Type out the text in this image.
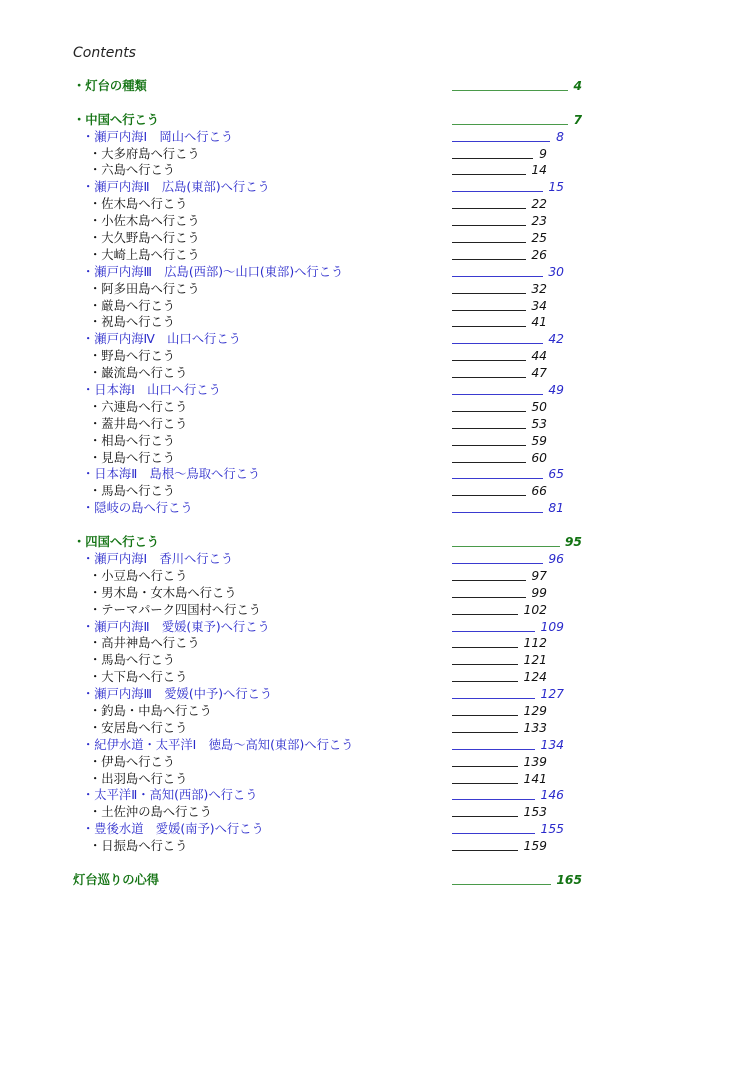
Contents
・灯台の種類	4
・中国へ行こう	7
・瀬戸内海Ⅰ　岡山へ行こう	8
・大多府島へ行こう	9
・六島へ行こう	14
・瀬戸内海Ⅱ　広島(東部)へ行こう	15
・佐木島へ行こう	22
・小佐木島へ行こう	23
・大久野島へ行こう	25
・大崎上島へ行こう	26
・瀬戸内海Ⅲ　広島(西部)～山口(東部)へ行こう	30
・阿多田島へ行こう	32
・厳島へ行こう	34
・祝島へ行こう	41
・瀬戸内海Ⅳ　山口へ行こう	42
・野島へ行こう	44
・巌流島へ行こう	47
・日本海Ⅰ　山口へ行こう	49
・六連島へ行こう	50
・蓋井島へ行こう	53
・相島へ行こう	59
・見島へ行こう	60
・日本海Ⅱ　島根～鳥取へ行こう	65
・馬島へ行こう	66
・隠岐の島へ行こう	81
・四国へ行こう	95
・瀬戸内海Ⅰ　香川へ行こう	96
・小豆島へ行こう	97
・男木島・女木島へ行こう	99
・テーマパーク四国村へ行こう	102
・瀬戸内海Ⅱ　愛媛(東予)へ行こう	109
・高井神島へ行こう	112
・馬島へ行こう	121
・大下島へ行こう	124
・瀬戸内海Ⅲ　愛媛(中予)へ行こう	127
・釣島・中島へ行こう	129
・安居島へ行こう	133
・紀伊水道・太平洋Ⅰ　徳島～高知(東部)へ行こう	134
・伊島へ行こう	139
・出羽島へ行こう	141
・太平洋Ⅱ・高知(西部)へ行こう	146
・土佐沖の島へ行こう	153
・豊後水道　愛媛(南予)へ行こう	155
・日振島へ行こう	159
灯台巡りの心得	165
